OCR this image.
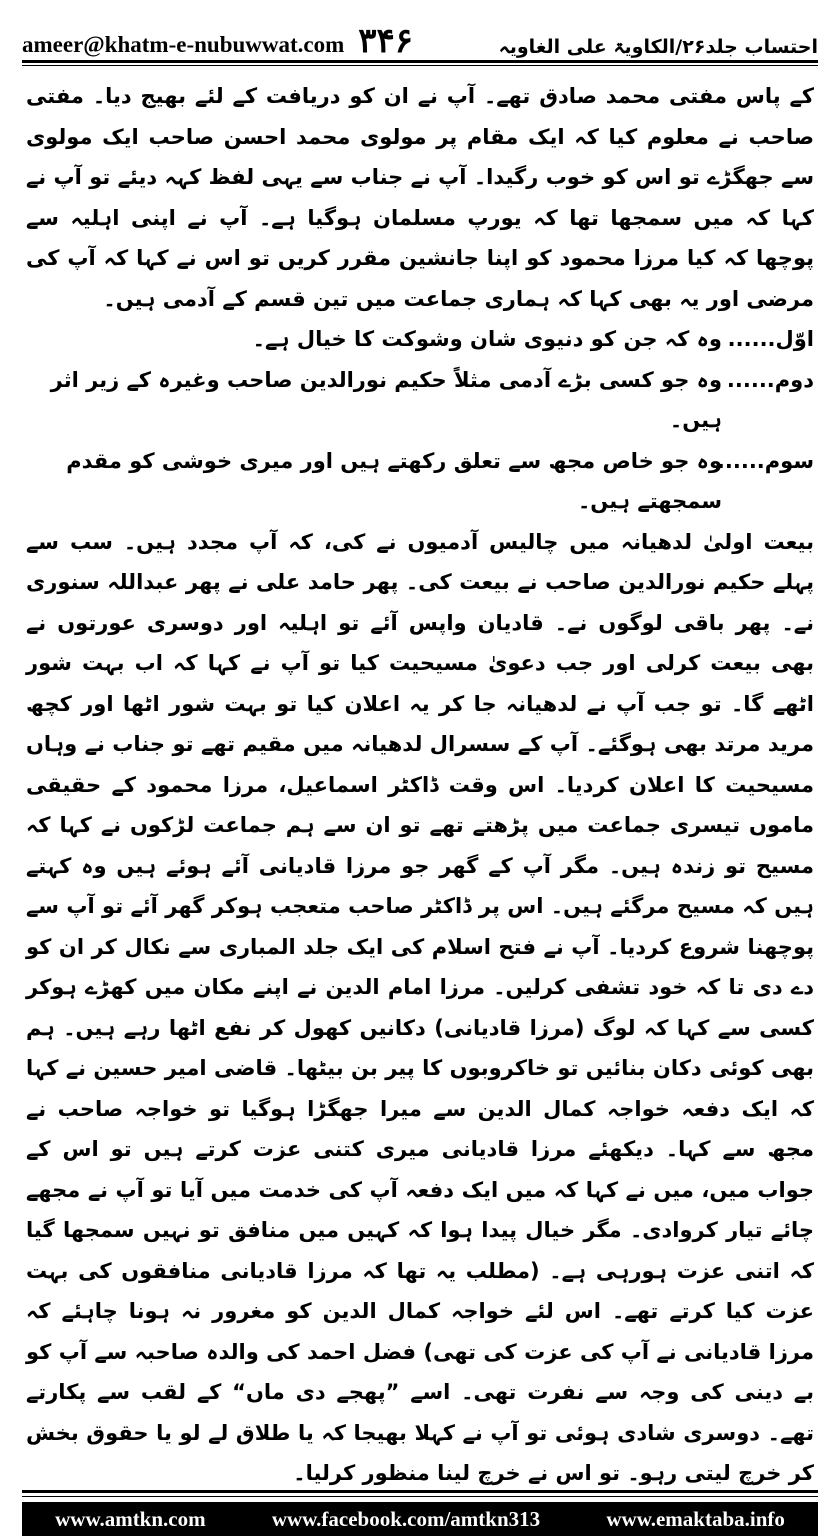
ameer@khatm-e-nubuwwat.com ۳۴۶	احتساب جلد۲۶/الکاویۃ علی الغاویہ

کے پاس مفتی محمد صادق تھے۔ آپ نے ان کو دریافت کے لئے بھیج دیا۔ مفتی صاحب نے معلوم کیا کہ ایک مقام پر مولوی محمد احسن صاحب ایک مولوی سے جھگڑے تو اس کو خوب رگیدا۔ آپ نے جناب سے یہی لفظ کہہ دیئے تو آپ نے کہا کہ میں سمجھا تھا کہ یورپ مسلمان ہوگیا ہے۔ آپ نے اپنی اہلیہ سے پوچھا کہ کیا مرزا محمود کو اپنا جانشین مقرر کریں تو اس نے کہا کہ آپ کی مرضی اور یہ بھی کہا کہ ہماری جماعت میں تین قسم کے آدمی ہیں۔

اوّل......
وہ کہ جن کو دنیوی شان وشوکت کا خیال ہے۔
دوم......
وہ جو کسی بڑے آدمی مثلاً حکیم نورالدین صاحب وغیرہ کے زیر اثر ہیں۔
سوم......
وہ جو خاص مجھ سے تعلق رکھتے ہیں اور میری خوشی کو مقدم سمجھتے ہیں۔

بیعت اولیٰ لدھیانہ میں چالیس آدمیوں نے کی، کہ آپ مجدد ہیں۔ سب سے پہلے حکیم نورالدین صاحب نے بیعت کی۔ پھر حامد علی نے پھر عبداللہ سنوری نے۔ پھر باقی لوگوں نے۔ قادیان واپس آئے تو اہلیہ اور دوسری عورتوں نے بھی بیعت کرلی اور جب دعویٰ مسیحیت کیا تو آپ نے کہا کہ اب بہت شور اٹھے گا۔ تو جب آپ نے لدھیانہ جا کر یہ اعلان کیا تو بہت شور اٹھا اور کچھ مرید مرتد بھی ہوگئے۔ آپ کے سسرال لدھیانہ میں مقیم تھے تو جناب نے وہاں مسیحیت کا اعلان کردیا۔ اس وقت ڈاکٹر اسماعیل، مرزا محمود کے حقیقی ماموں تیسری جماعت میں پڑھتے تھے تو ان سے ہم جماعت لڑکوں نے کہا کہ مسیح تو زندہ ہیں۔ مگر آپ کے گھر جو مرزا قادیانی آئے ہوئے ہیں وہ کہتے ہیں کہ مسیح مرگئے ہیں۔ اس پر ڈاکٹر صاحب متعجب ہوکر گھر آئے تو آپ سے پوچھنا شروع کردیا۔ آپ نے فتح اسلام کی ایک جلد المباری سے نکال کر ان کو دے دی تا کہ خود تشفی کرلیں۔ مرزا امام الدین نے اپنے مکان میں کھڑے ہوکر کسی سے کہا کہ لوگ (مرزا قادیانی) دکانیں کھول کر نفع اٹھا رہے ہیں۔ ہم بھی کوئی دکان بنائیں تو خاکروبوں کا پیر بن بیٹھا۔ قاضی امیر حسین نے کہا کہ ایک دفعہ خواجہ کمال الدین سے میرا جھگڑا ہوگیا تو خواجہ صاحب نے مجھ سے کہا۔ دیکھئے مرزا قادیانی میری کتنی عزت کرتے ہیں تو اس کے جواب میں، میں نے کہا کہ میں ایک دفعہ آپ کی خدمت میں آیا تو آپ نے مجھے چائے تیار کروادی۔ مگر خیال پیدا ہوا کہ کہیں میں منافق تو نہیں سمجھا گیا کہ اتنی عزت ہورہی ہے۔ (مطلب یہ تھا کہ مرزا قادیانی منافقوں کی بہت عزت کیا کرتے تھے۔ اس لئے خواجہ کمال الدین کو مغرور نہ ہونا چاہئے کہ مرزا قادیانی نے آپ کی عزت کی تھی) فضل احمد کی والدہ صاحبہ سے آپ کو بے دینی کی وجہ سے نفرت تھی۔ اسے ”پھجے دی ماں“ کے لقب سے پکارتے تھے۔ دوسری شادی ہوئی تو آپ نے کہلا بھیجا کہ یا طلاق لے لو یا حقوق بخش کر خرچ لیتی رہو۔ تو اس نے خرچ لینا منظور کرلیا۔

www.amtkn.com	www.facebook.com/amtkn313	www.emaktaba.info
